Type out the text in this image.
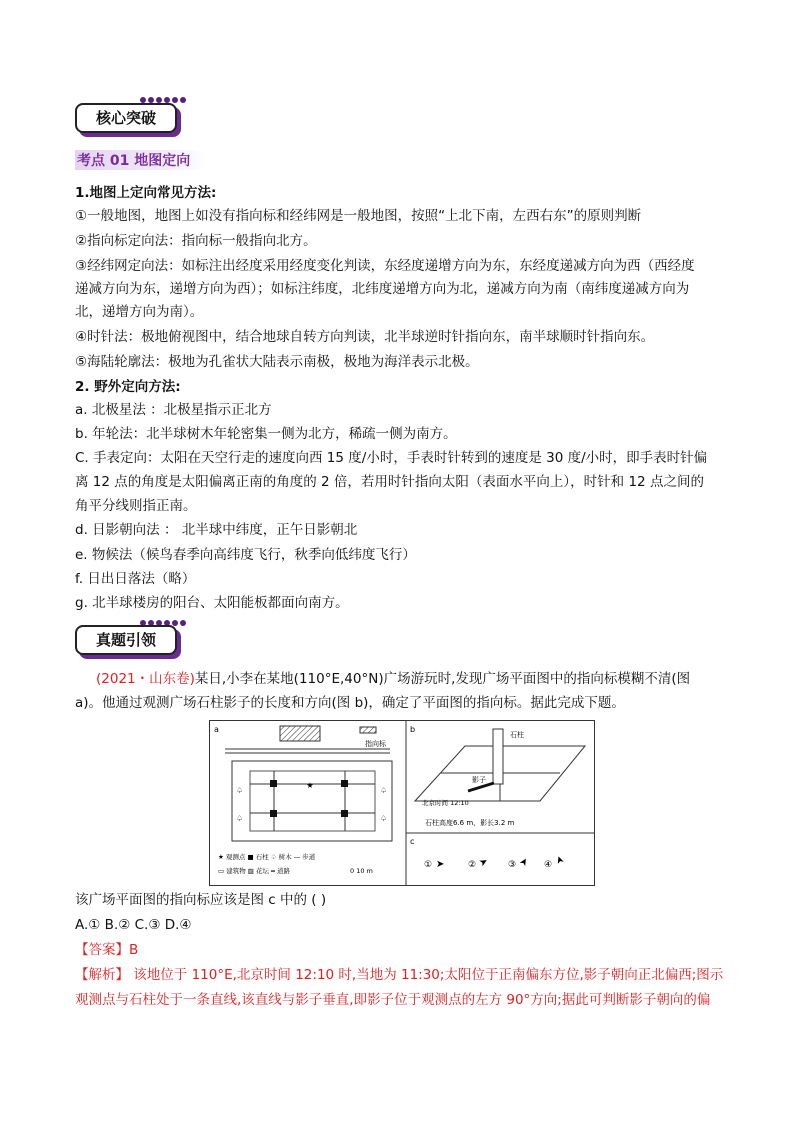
核心突破
考点 01 地图定向
1.地图上定向常见方法:
①一般地图，地图上如没有指向标和经纬网是一般地图，按照“上北下南，左西右东”的原则判断
②指向标定向法：指向标一般指向北方。
③经纬网定向法：如标注出经度采用经度变化判读，东经度递增方向为东，东经度递减方向为西（西经度
递减方向为东，递增方向为西）；如标注纬度，北纬度递增方向为北，递减方向为南（南纬度递减方向为
北，递增方向为南）。
④时针法：极地俯视图中，结合地球自转方向判读，北半球逆时针指向东，南半球顺时针指向东。
⑤海陆轮廓法：极地为孔雀状大陆表示南极，极地为海洋表示北极。
2. 野外定向方法:
a. 北极星法 ：北极星指示正北方
b. 年轮法：北半球树木年轮密集一侧为北方，稀疏一侧为南方。
C. 手表定向：太阳在天空行走的速度向西 15 度/小时，手表时针转到的速度是 30 度/小时，即手表时针偏
离 12 点的角度是太阳偏离正南的角度的 2 倍，若用时针指向太阳（表面水平向上），时针和 12 点之间的
角平分线则指正南。
d. 日影朝向法 ： 北半球中纬度，正午日影朝北
e. 物候法（候鸟春季向高纬度飞行，秋季向低纬度飞行）
f. 日出日落法（略）
g. 北半球楼房的阳台、太阳能板都面向南方。
真题引领
(2021・山东卷)某日,小李在某地(110°E,40°N)广场游玩时,发现广场平面图中的指向标模糊不清(图
a)。他通过观测广场石柱影子的长度和方向(图 b)，确定了平面图的指向标。据此完成下题。
a
指向标
★
♤
♤
♤
♤
★ 观测点 ■ 石柱 ♤ 树木 — 步道
▭ 建筑物 ▨ 花坛 ═ 道路	0 10 m
b
石柱
影子
北京时间 12:10
石柱高度6.6 m，影长3.2 m
c
① ➤	② ➤ ③ ➤ ④ ➤
该广场平面图的指向标应该是图 c 中的 ( )
A.① B.② C.③ D.④
【答案】B
【解析】 该地位于 110°E,北京时间 12:10 时,当地为 11:30;太阳位于正南偏东方位,影子朝向正北偏西;图示
观测点与石柱处于一条直线,该直线与影子垂直,即影子位于观测点的左方 90°方向;据此可判断影子朝向的偏
